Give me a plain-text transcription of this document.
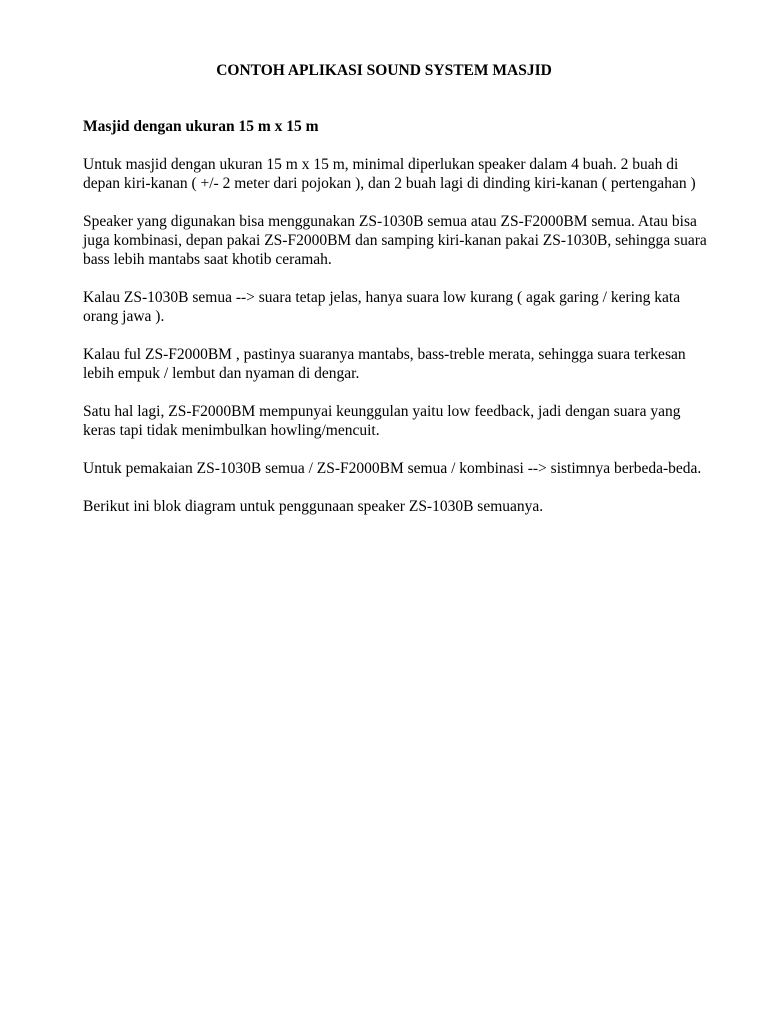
CONTOH APLIKASI SOUND SYSTEM MASJID

Masjid dengan ukuran 15 m x 15 m

Untuk masjid dengan ukuran 15 m x 15 m, minimal diperlukan speaker dalam 4 buah. 2 buah di depan kiri-kanan ( +/- 2 meter dari pojokan ), dan 2 buah lagi di dinding kiri-kanan ( pertengahan )

Speaker yang digunakan bisa menggunakan ZS-1030B semua atau ZS-F2000BM semua. Atau bisa juga kombinasi, depan pakai ZS-F2000BM dan samping kiri-kanan pakai ZS-1030B, sehingga suara bass lebih mantabs saat khotib ceramah.

Kalau ZS-1030B semua --> suara tetap jelas, hanya suara low kurang ( agak garing / kering kata orang jawa ).

Kalau ful ZS-F2000BM , pastinya suaranya mantabs, bass-treble merata, sehingga suara terkesan lebih empuk / lembut dan nyaman di dengar.

Satu hal lagi, ZS-F2000BM mempunyai keunggulan yaitu low feedback, jadi dengan suara yang keras tapi tidak menimbulkan howling/mencuit.

Untuk pemakaian ZS-1030B semua / ZS-F2000BM semua / kombinasi --> sistimnya berbeda-beda.

Berikut ini blok diagram untuk penggunaan speaker ZS-1030B semuanya.
